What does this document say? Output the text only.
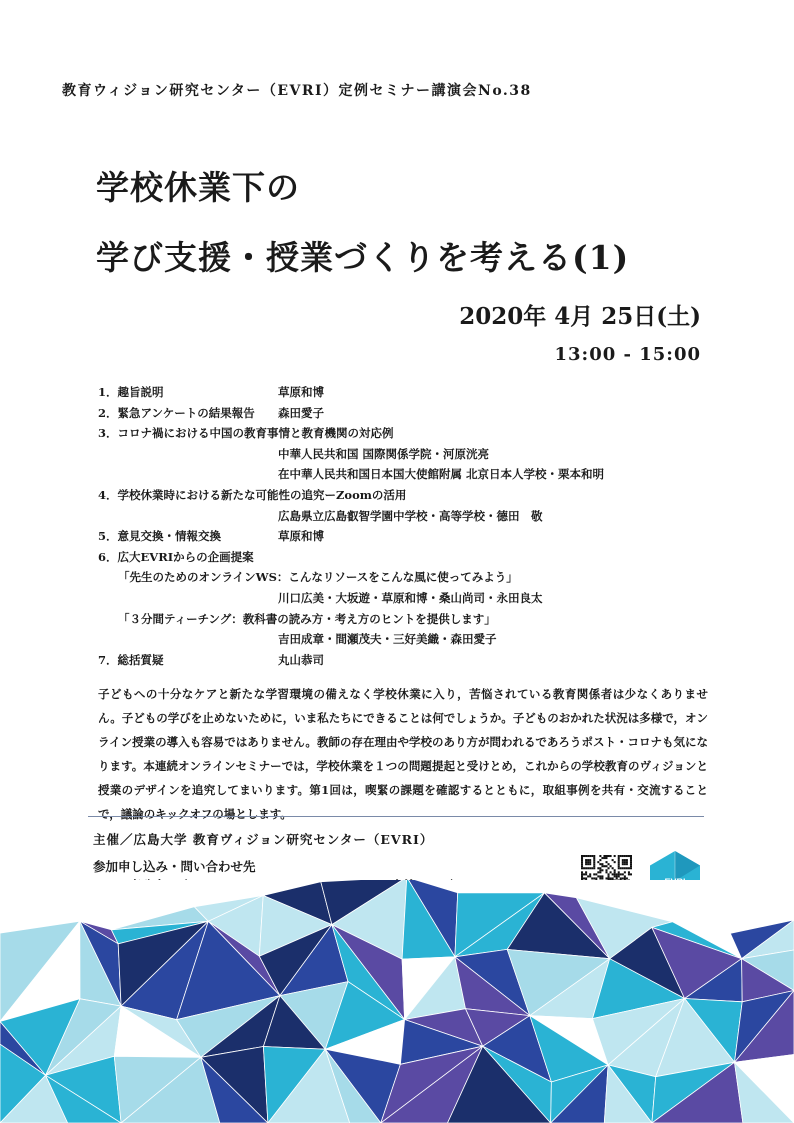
教育ウィジョン研究センター（EVRI）定例セミナー講演会No.38
学校休業下の
学び支援・授業づくりを考える(1)
2020年 4月 25日(土)
13:00 - 15:00
1．趣旨説明	草原和博
2．緊急アンケートの結果報告 森田愛子
3．コロナ禍における中国の教育事情と教育機関の対応例
中華人民共和国 国際関係学院・河原洸亮
在中華人民共和国日本国大使館附属 北京日本人学校・栗本和明
4．学校休業時における新たな可能性の追究ーZoomの活用
広島県立広島叡智学園中学校・高等学校・德田　敬
5．意見交換・情報交換	草原和博
6．広大EVRIからの企画提案
「先生のためのオンラインWS：こんなリソースをこんな風に使ってみよう」
川口広美・大坂遊・草原和博・桑山尚司・永田良太
「３分間ティーチング：教科書の読み方・考え方のヒントを提供します」
吉田成章・間瀬茂夫・三好美織・森田愛子
7．総括質疑	丸山恭司

子どもへの十分なケアと新たな学習環境の備えなく学校休業に入り，苦悩されている教育関係者は少なくありません。子どもの学びを止めないために，いま私たちにできることは何でしょうか。子どものおかれた状況は多様で，オンライン授業の導入も容易ではありません。教師の存在理由や学校のあり方が問われるであろうポスト・コロナも気になります。本連続オンラインセミナーでは，学校休業を１つの問題提起と受けとめ，これからの学校教育のヴィジョンと授業のデザインを追究してまいります。第1回は，喫緊の課題を確認するとともに，取組事例を共有・交流することで，議論のキックオフの場とします。

主催／広島大学 教育ヴィジョン研究センター（EVRI）
参加申し込み・問い合わせ先
